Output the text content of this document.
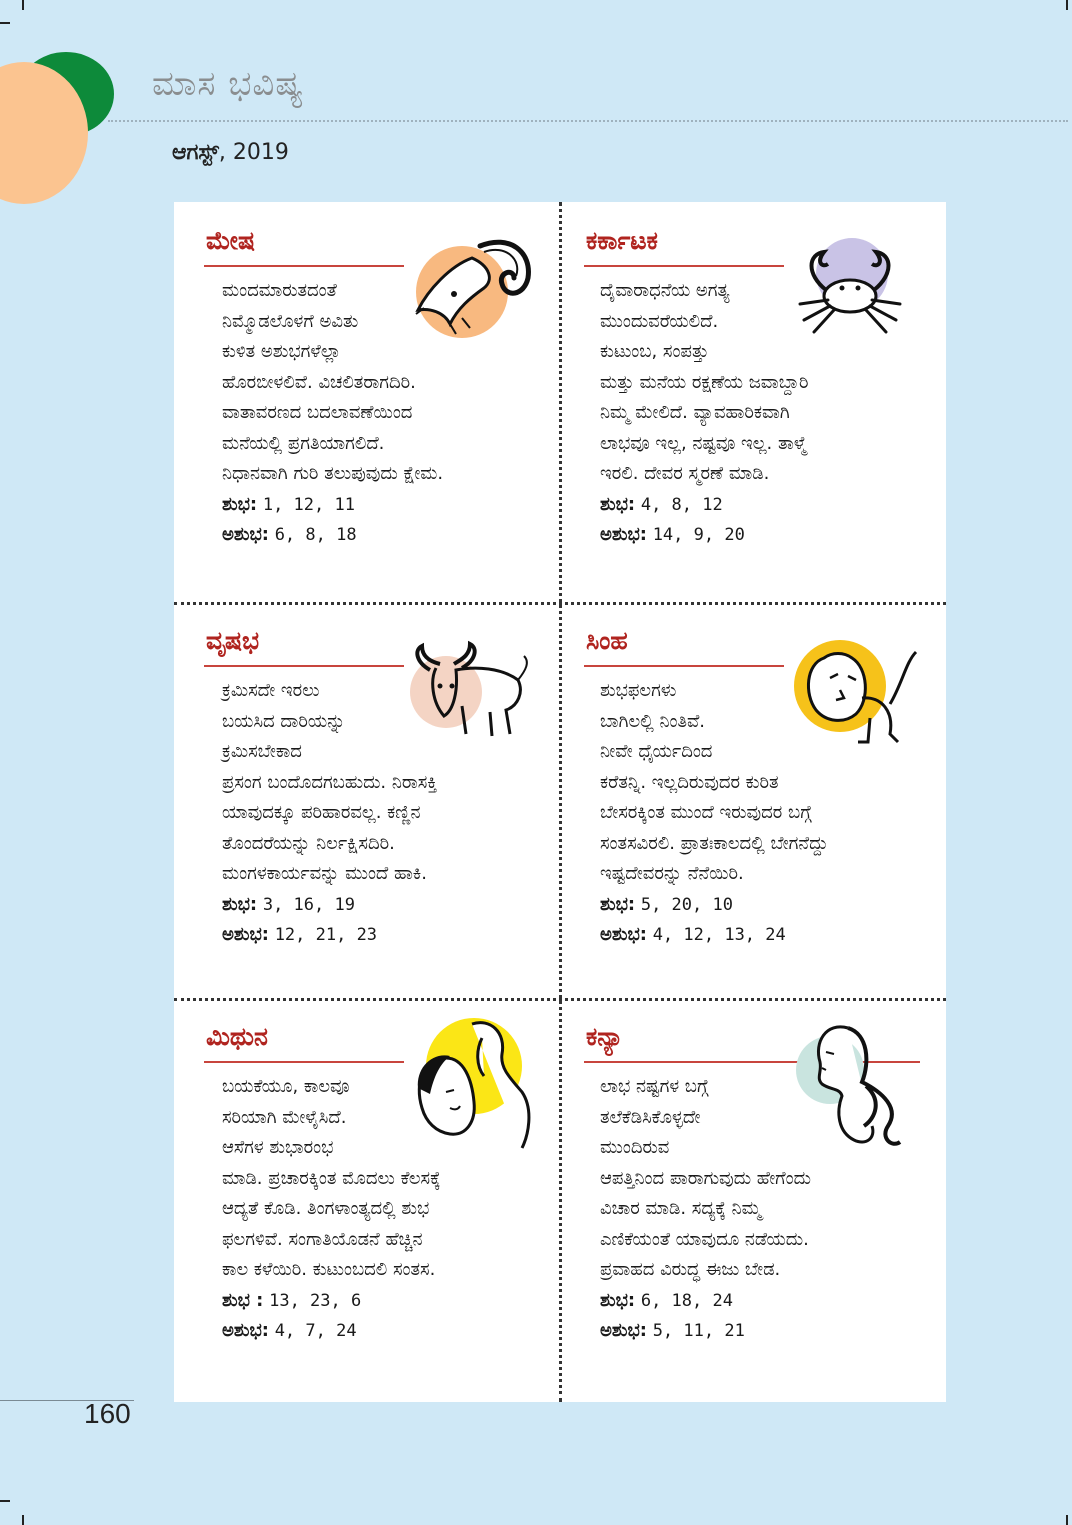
ಮಾಸ ಭವಿಷ್ಯ
ಆಗಸ್ಟ್, 2019
ಮೇಷ
ಮಂದಮಾರುತದಂತೆ
ನಿಮ್ಮೊಡಲೊಳಗೆ ಅವಿತು
ಕುಳಿತ ಅಶುಭಗಳೆಲ್ಲಾ
ಹೊರಬೀಳಲಿವೆ. ವಿಚಲಿತರಾಗದಿರಿ.
ವಾತಾವರಣದ ಬದಲಾವಣೆಯಿಂದ
ಮನೆಯಲ್ಲಿ ಪ್ರಗತಿಯಾಗಲಿದೆ.
ನಿಧಾನವಾಗಿ ಗುರಿ ತಲುಪುವುದು ಕ್ಷೇಮ.
ಶುಭ: 1, 12, 11
ಅಶುಭ: 6, 8, 18
ಕರ್ಕಾಟಕ
ದೈವಾರಾಧನೆಯ ಅಗತ್ಯ
ಮುಂದುವರೆಯಲಿದೆ.
ಕುಟುಂಬ, ಸಂಪತ್ತು
ಮತ್ತು ಮನೆಯ ರಕ್ಷಣೆಯ ಜವಾಬ್ದಾರಿ
ನಿಮ್ಮ ಮೇಲಿದೆ. ವ್ಯಾವಹಾರಿಕವಾಗಿ
ಲಾಭವೂ ಇಲ್ಲ, ನಷ್ಟವೂ ಇಲ್ಲ. ತಾಳ್ಮೆ
ಇರಲಿ. ದೇವರ ಸ್ಮರಣೆ ಮಾಡಿ.
ಶುಭ: 4, 8, 12
ಅಶುಭ: 14, 9, 20
ವೃಷಭ
ಕ್ರಮಿಸದೇ ಇರಲು
ಬಯಸಿದ ದಾರಿಯನ್ನು
ಕ್ರಮಿಸಬೇಕಾದ
ಪ್ರಸಂಗ ಬಂದೊದಗಬಹುದು. ನಿರಾಸಕ್ತಿ
ಯಾವುದಕ್ಕೂ ಪರಿಹಾರವಲ್ಲ. ಕಣ್ಣಿನ
ತೊಂದರೆಯನ್ನು ನಿರ್ಲಕ್ಷಿಸದಿರಿ.
ಮಂಗಳಕಾರ್ಯವನ್ನು ಮುಂದೆ ಹಾಕಿ.
ಶುಭ: 3, 16, 19
ಅಶುಭ: 12, 21, 23
ಸಿಂಹ
ಶುಭಫಲಗಳು
ಬಾಗಿಲಲ್ಲಿ ನಿಂತಿವೆ.
ನೀವೇ ಧೈರ್ಯದಿಂದ
ಕರೆತನ್ನಿ. ಇಲ್ಲದಿರುವುದರ ಕುರಿತ
ಬೇಸರಕ್ಕಿಂತ ಮುಂದೆ ಇರುವುದರ ಬಗ್ಗೆ
ಸಂತಸವಿರಲಿ. ಪ್ರಾತಃಕಾಲದಲ್ಲಿ ಬೇಗನೆದ್ದು
ಇಷ್ಟದೇವರನ್ನು ನೆನೆಯಿರಿ.
ಶುಭ: 5, 20, 10
ಅಶುಭ: 4, 12, 13, 24
ಮಿಥುನ
ಬಯಕೆಯೂ, ಕಾಲವೂ
ಸರಿಯಾಗಿ ಮೇಳೈಸಿದೆ.
ಆಸೆಗಳ ಶುಭಾರಂಭ
ಮಾಡಿ. ಪ್ರಚಾರಕ್ಕಿಂತ ಮೊದಲು ಕೆಲಸಕ್ಕೆ
ಆದ್ಯತೆ ಕೊಡಿ. ತಿಂಗಳಾಂತ್ಯದಲ್ಲಿ ಶುಭ
ಫಲಗಳಿವೆ. ಸಂಗಾತಿಯೊಡನೆ ಹೆಚ್ಚಿನ
ಕಾಲ ಕಳೆಯಿರಿ. ಕುಟುಂಬದಲಿ ಸಂತಸ.
ಶುಭ : 13, 23, 6
ಅಶುಭ: 4, 7, 24
ಕನ್ಯಾ
ಲಾಭ ನಷ್ಟಗಳ ಬಗ್ಗೆ
ತಲೆಕೆಡಿಸಿಕೊಳ್ಳದೇ
ಮುಂದಿರುವ
ಆಪತ್ತಿನಿಂದ ಪಾರಾಗುವುದು ಹೇಗೆಂದು
ವಿಚಾರ ಮಾಡಿ. ಸದ್ಯಕ್ಕೆ ನಿಮ್ಮ
ಎಣಿಕೆಯಂತೆ ಯಾವುದೂ ನಡೆಯದು.
ಪ್ರವಾಹದ ವಿರುದ್ಧ ಈಜು ಬೇಡ.
ಶುಭ: 6, 18, 24
ಅಶುಭ: 5, 11, 21
160
